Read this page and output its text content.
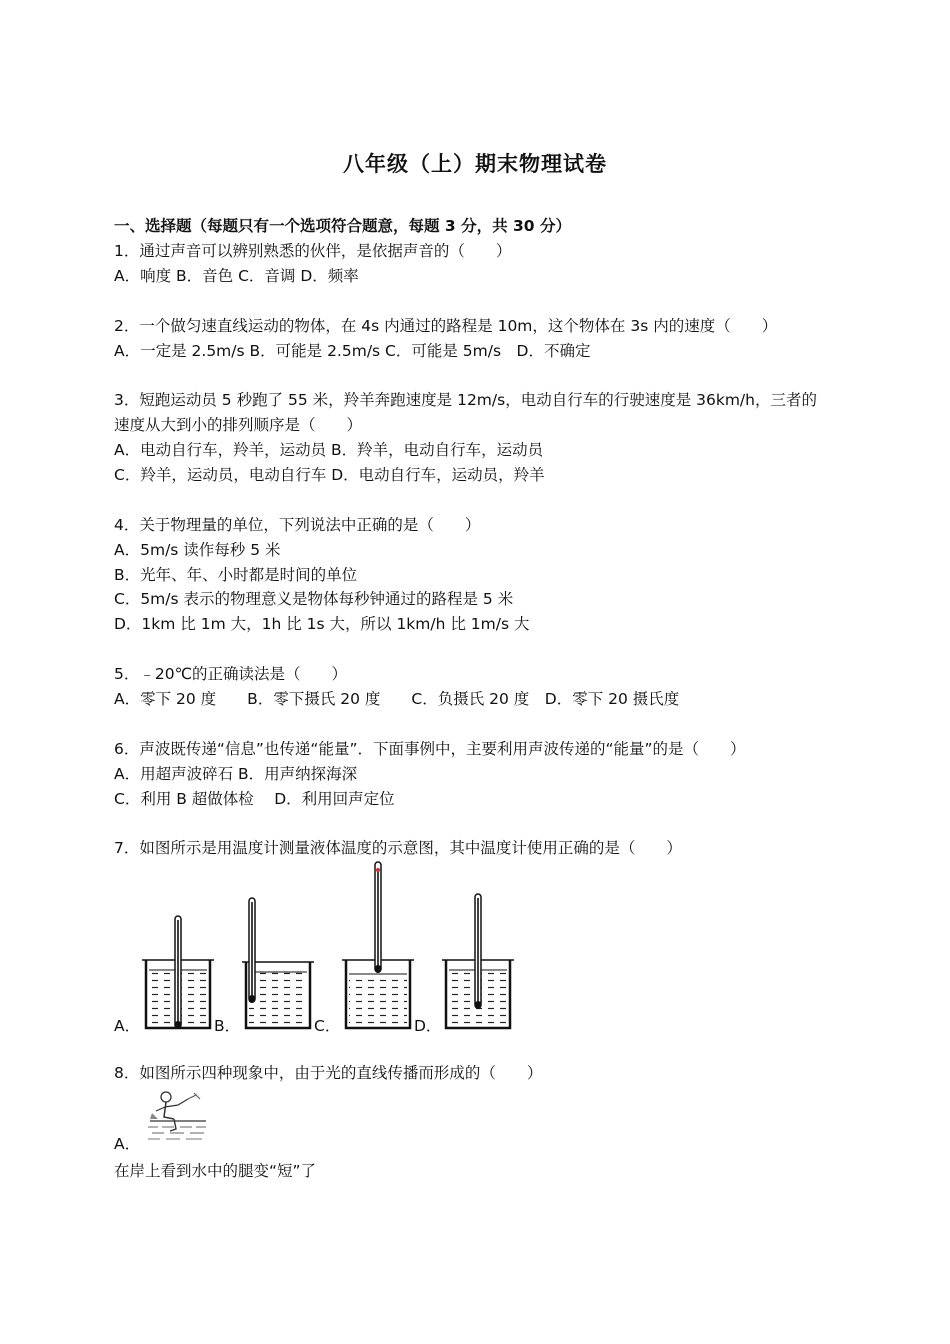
八年级（上）期末物理试卷
一、选择题（每题只有一个选项符合题意，每题 3 分，共 30 分）
1．通过声音可以辨别熟悉的伙伴，是依据声音的（　　）
A．响度 B．音色 C．音调 D．频率
2．一个做匀速直线运动的物体，在 4s 内通过的路程是 10m，这个物体在 3s 内的速度（　　）
A．一定是 2.5m/s B．可能是 2.5m/s C．可能是 5m/s　D．不确定
3．短跑运动员 5 秒跑了 55 米，羚羊奔跑速度是 12m/s，电动自行车的行驶速度是 36km/h，三者的
速度从大到小的排列顺序是（　　）
A．电动自行车，羚羊，运动员 B．羚羊，电动自行车，运动员
C．羚羊，运动员，电动自行车 D．电动自行车，运动员，羚羊
4．关于物理量的单位，下列说法中正确的是（　　）
A．5m/s 读作每秒 5 米
B．光年、年、小时都是时间的单位
C．5m/s 表示的物理意义是物体每秒钟通过的路程是 5 米
D．1km 比 1m 大，1h 比 1s 大，所以 1km/h 比 1m/s 大
5．﹣20℃的正确读法是（　　）
A．零下 20 度　　B．零下摄氏 20 度　　C．负摄氏 20 度　D．零下 20 摄氏度
6．声波既传递“信息”也传递“能量”．下面事例中，主要利用声波传递的“能量”的是（　　）
A．用超声波碎石 B．用声纳探海深
C．利用 B 超做体检　 D．利用回声定位
7．如图所示是用温度计测量液体温度的示意图，其中温度计使用正确的是（　　）
A．	B．	C．	D．
8．如图所示四种现象中，由于光的直线传播而形成的（　　）
A．
在岸上看到水中的腿变“短”了
